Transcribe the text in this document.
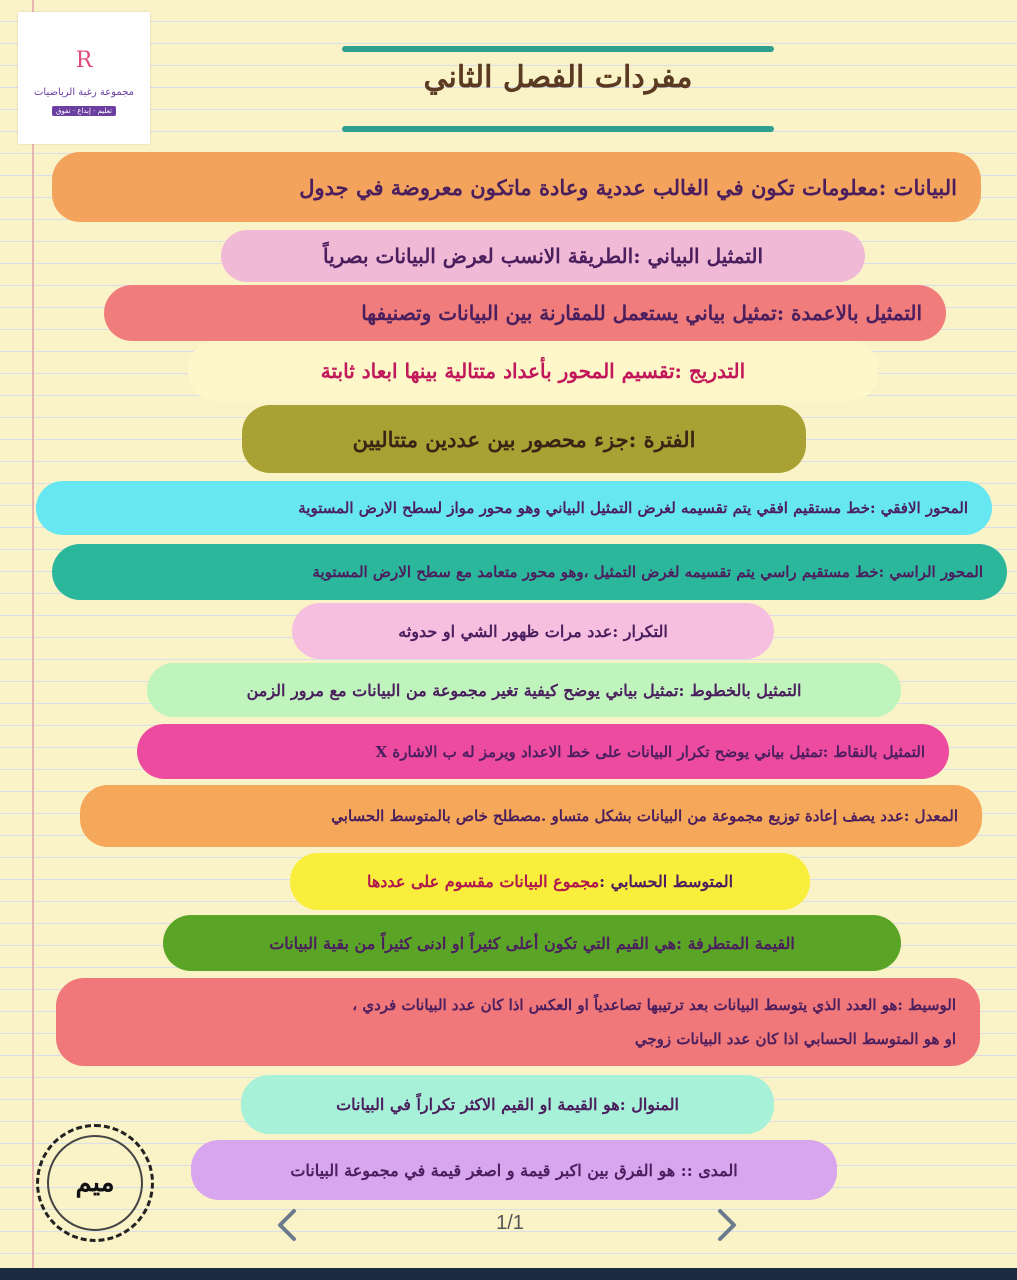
R
مجموعة رغبة الرياضيات
تعليم · إبداع · تفوق
مفردات الفصل الثاني
البيانات :
معلومات تكون في الغالب عددية وعادة ماتكون معروضة في جدول
التمثيل البياني :
الطريقة الانسب لعرض البيانات بصرياً
التمثيل بالاعمدة :
تمثيل بياني يستعمل للمقارنة بين البيانات وتصنيفها
التدريج :
تقسيم المحور بأعداد متتالية بينها ابعاد ثابتة
الفترة :
جزء محصور بين عددين متتاليين
المحور الافقي :
خط مستقيم افقي يتم تقسيمه لغرض التمثيل البياني وهو محور مواز لسطح الارض المستوية
المحور الراسي :
خط مستقيم راسي يتم تقسيمه لغرض التمثيل ،وهو محور متعامد مع سطح الارض المستوية
التكرار :
عدد مرات ظهور الشي او حدوثه
التمثيل بالخطوط :
تمثيل بياني يوضح كيفية تغير مجموعة من البيانات مع مرور الزمن
التمثيل بالنقاط :
تمثيل بياني يوضح تكرار البيانات على خط الاعداد ويرمز له ب الاشارة X
المعدل :
عدد يصف إعادة توزيع مجموعة من البيانات بشكل متساو .مصطلح خاص بالمتوسط الحسابي
المتوسط الحسابي :
مجموع البيانات مقسوم على عددها
القيمة المتطرفة :
هي القيم التي تكون أعلى كثيراً او ادنى كثيراً من بقية البيانات
الوسيط :هو العدد الذي يتوسط البيانات بعد ترتيبها تصاعدياً او العكس اذا كان عدد البيانات فردي ،
او هو المتوسط الحسابي اذا كان عدد البيانات زوجي
المنوال :
هو القيمة او القيم الاكثر تكراراً في البيانات
المدى :
: هو الفرق بين اكبر قيمة و اصغر قيمة في مجموعة البيانات
ميم
1/1
